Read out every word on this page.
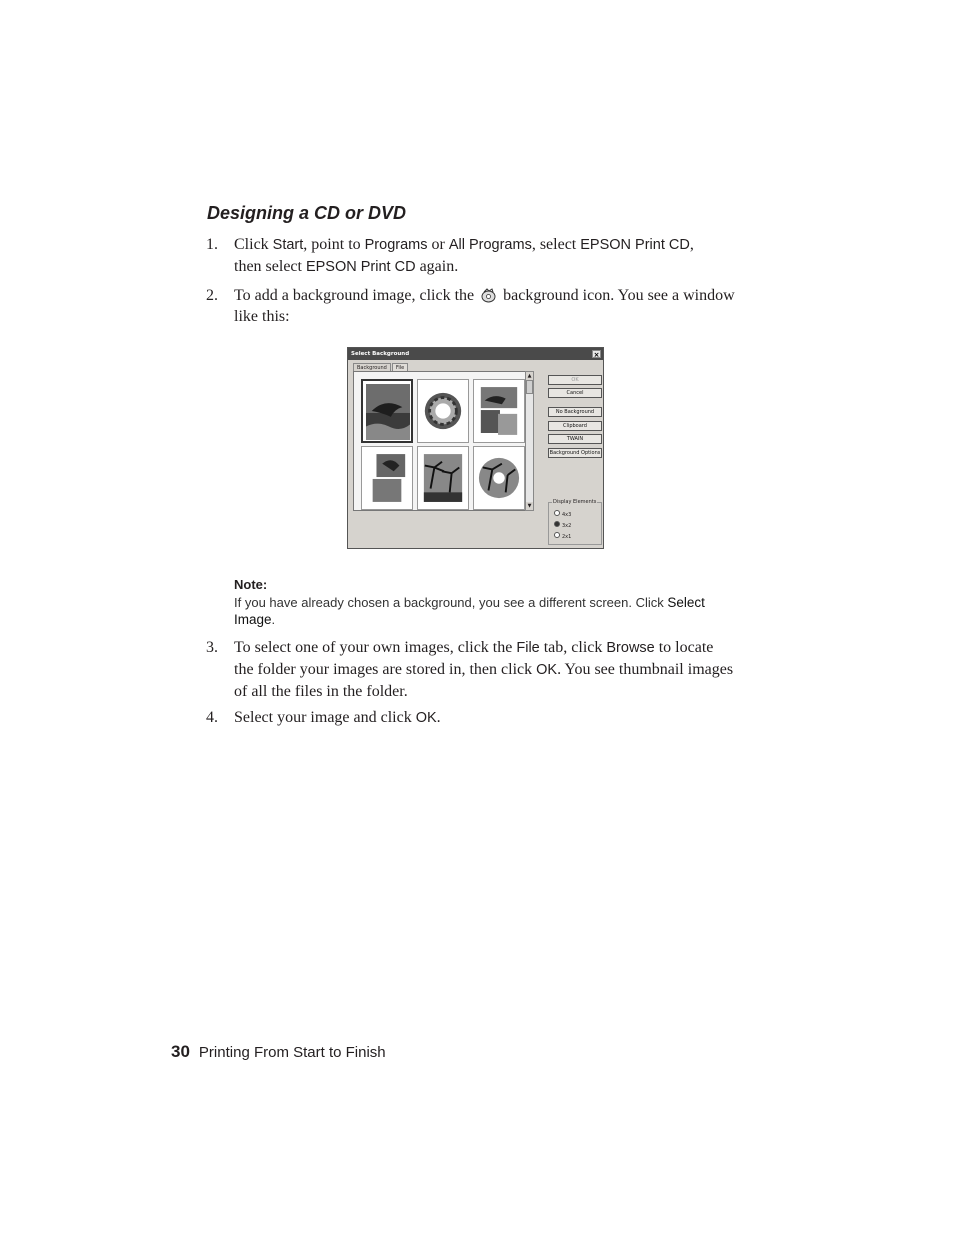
Designing a CD or DVD
1.	Click Start, point to Programs or All Programs, select EPSON Print CD,
then select EPSON Print CD again.
2.	To add a background image, click the background icon. You see a window
like this:
Select Background	×
Background File
▲
▼
OK
Cancel
No Background
Clipboard
TWAIN
Background Options
Display Elements
4x3
3x2
2x1
Note:
If you have already chosen a background, you see a different screen. Click Select
Image.
3.	To select one of your own images, click the File tab, click Browse to locate
the folder your images are stored in, then click OK. You see thumbnail images
of all the files in the folder.
4.	Select your image and click OK.
30 Printing From Start to Finish
